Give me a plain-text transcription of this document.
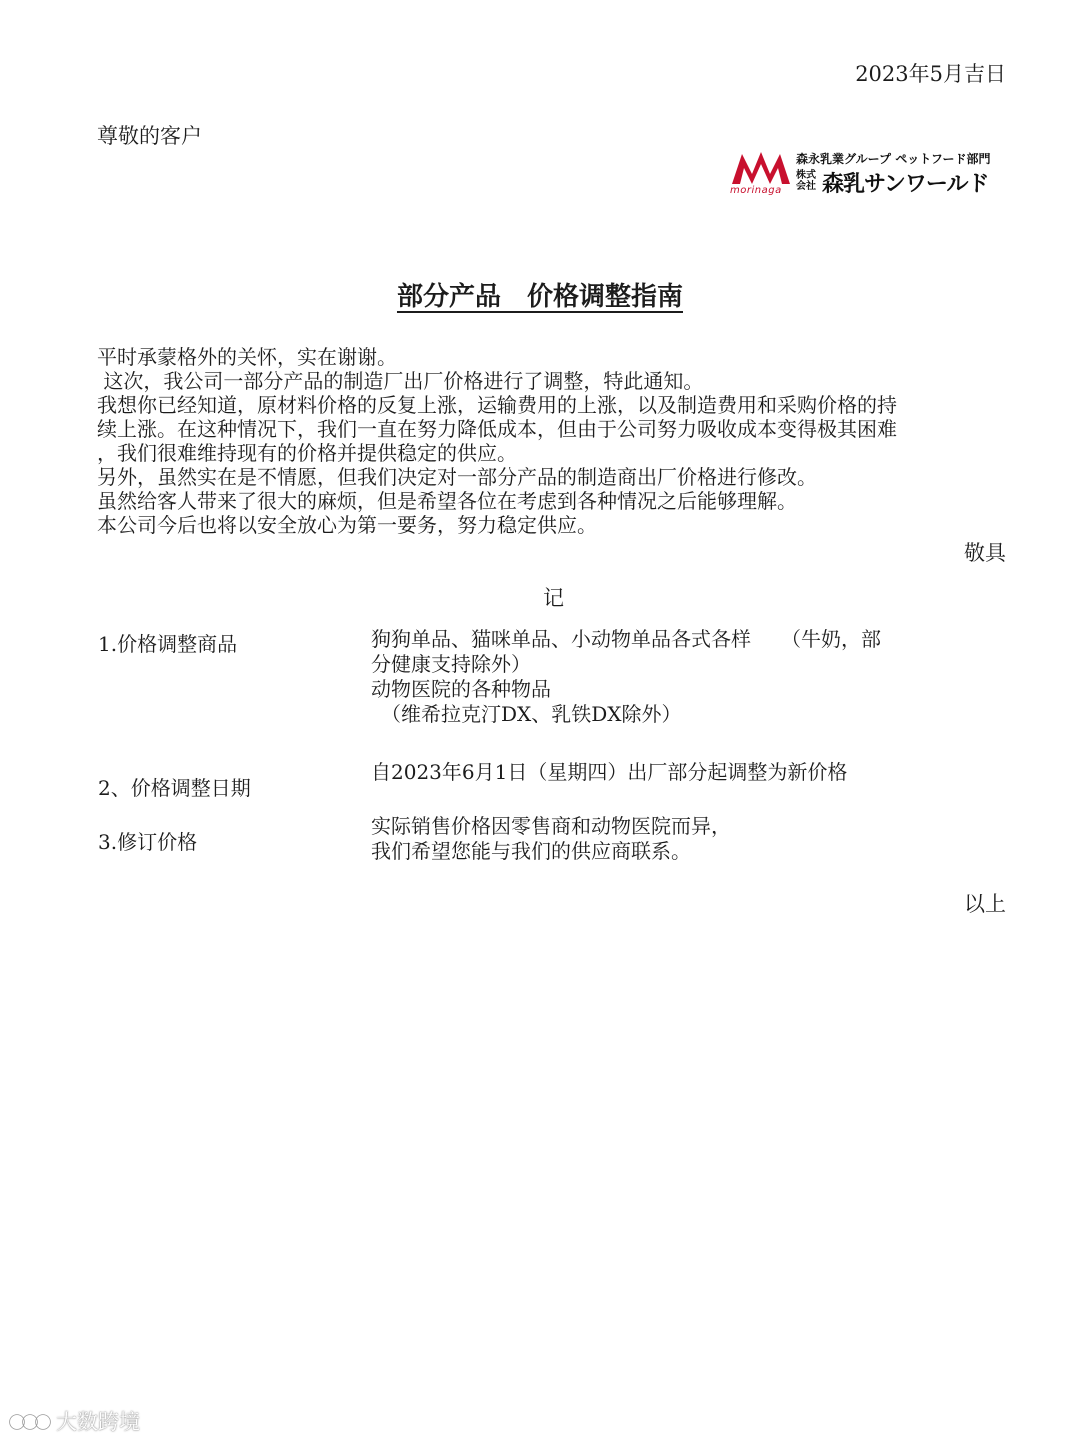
2023年5月吉日
尊敬的客户
morinaga
森永乳業グループ ペットフード部門
株式会社 森乳サンワールド
部分产品　价格调整指南
平时承蒙格外的关怀，实在谢谢。
这次，我公司一部分产品的制造厂出厂价格进行了调整，特此通知。
我想你已经知道，原材料价格的反复上涨，运输费用的上涨，以及制造费用和采购价格的持
续上涨。在这种情况下，我们一直在努力降低成本，但由于公司努力吸收成本变得极其困难
，我们很难维持现有的价格并提供稳定的供应。
另外，虽然实在是不情愿，但我们决定对一部分产品的制造商出厂价格进行修改。
虽然给客人带来了很大的麻烦，但是希望各位在考虑到各种情况之后能够理解。
本公司今后也将以安全放心为第一要务，努力稳定供应。
敬具
记
1.价格调整商品	狗狗单品、猫咪单品、小动物单品各式各样　　（牛奶，部
分健康支持除外）
动物医院的各种物品
　（维希拉克汀DX、乳铁DX除外）
2、价格调整日期
自2023年6月1日（星期四）出厂部分起调整为新价格
3.修订价格
实际销售价格因零售商和动物医院而异，
我们希望您能与我们的供应商联系。
以上
大数跨境
